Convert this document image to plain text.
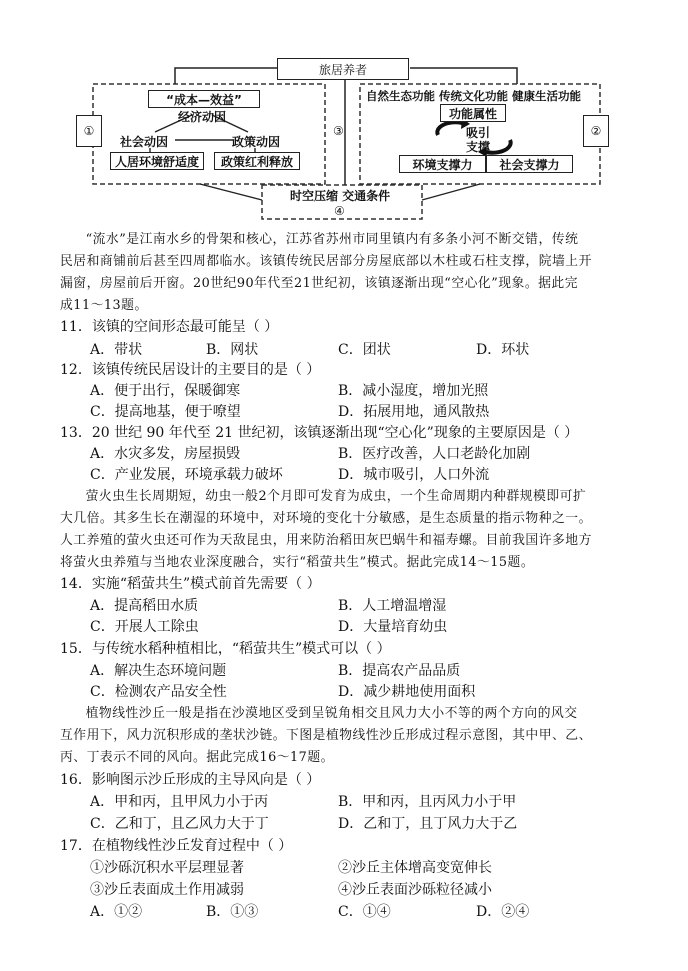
旅居养者
①	②
③
“成本—效益”
经济动因
社会动因	政策动因
人居环境舒适度 政策红利释放
自然生态功能 传统文化功能 健康生活功能
功能属性
吸引
支撑
环境支撑力 社会支撑力
时空压缩 交通条件
④
“流水”是江南水乡的骨架和核心，江苏省苏州市同里镇内有多条小河不断交错，传统
民居和商铺前后甚至四周都临水。该镇传统民居部分房屋底部以木柱或石柱支撑，院墙上开
漏窗，房屋前后开窗。20世纪90年代至21世纪初，该镇逐渐出现“空心化”现象。据此完
成11～13题。
11．该镇的空间形态最可能呈（ ）
A．带状	B．网状	C．团状	D．环状
12．该镇传统民居设计的主要目的是（ ）
A．便于出行，保暖御寒	B．减小湿度，增加光照
C．提高地基，便于嘹望	D．拓展用地，通风散热
13．20 世纪 90 年代至 21 世纪初，该镇逐渐出现“空心化”现象的主要原因是（ ）
A．水灾多发，房屋损毁	B．医疗改善，人口老龄化加剧
C．产业发展，环境承载力破坏	D．城市吸引，人口外流
萤火虫生长周期短，幼虫一般2个月即可发育为成虫，一个生命周期内种群规模即可扩
大几倍。其多生长在潮湿的环境中，对环境的变化十分敏感，是生态质量的指示物种之一。
人工养殖的萤火虫还可作为天敌昆虫，用来防治稻田灰巴蜗牛和福寿螺。目前我国许多地方
将萤火虫养殖与当地农业深度融合，实行“稻萤共生”模式。据此完成14～15题。
14．实施“稻萤共生”模式前首先需要（ ）
A．提高稻田水质	B．人工增温增湿
C．开展人工除虫	D．大量培育幼虫
15．与传统水稻种植相比，“稻萤共生”模式可以（ ）
A．解决生态环境问题	B．提高农产品品质
C．检测农产品安全性	D．减少耕地使用面积
植物线性沙丘一般是指在沙漠地区受到呈锐角相交且风力大小不等的两个方向的风交
互作用下，风力沉积形成的垄状沙链。下图是植物线性沙丘形成过程示意图，其中甲、乙、
丙、丁表示不同的风向。据此完成16～17题。
16．影响图示沙丘形成的主导风向是（ ）
A．甲和丙，且甲风力小于丙	B．甲和丙，且丙风力小于甲
C．乙和丁，且乙风力大于丁	D．乙和丁，且丁风力大于乙
17．在植物线性沙丘发育过程中（ ）
①沙砾沉积水平层理显著	②沙丘主体增高变宽伸长
③沙丘表面成土作用减弱	④沙丘表面沙砾粒径减小
A．①②	B．①③	C．①④	D．②④
